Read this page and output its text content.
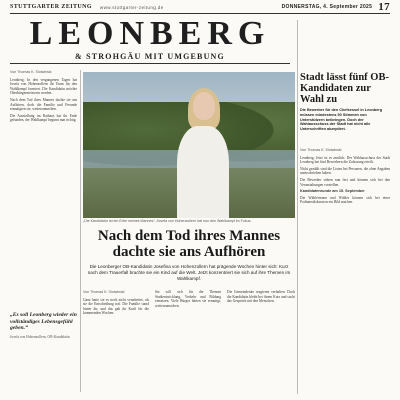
STUTTGARTER ZEITUNG www.stuttgarter-zeitung.de	DONNERSTAG, 4. September 2025 17
LEONBERG
& STROHGÄU MIT UMGEBUNG
Von Thomas K. Slotwinski

Leonberg. In den vergangenen Tagen hat Josefa von Hohenzollern ihr Team für den Wahlkampf formiert. Die Kandidatin möchte Oberbürgermeisterin werden.

Nach dem Tod ihres Mannes dachte sie ans Aufhören, doch die Familie und Freunde ermutigten sie, weiterzumachen.

Die Ausstellung im Rathaus hat ihr Ende gefunden, der Wahlkampf beginnt nun richtig.

„Es soll Leonberg wieder ein vollständiges Lebensgefühl geben.“
Josefa von Hohenzollern, OB-Kandidatin
„Die Kandidatur ist ein Erbe meines Mannes“: Josefa von Hohenzollern hat nun den Wahlkampf im Fokus.
Nach dem Tod ihres Mannes dachte sie ans Aufhören
Die Leonberger OB-Kandidatin Josefina von Hohenzollern hat prägende Wochen hinter sich: Kurz nach dem Trauerfall brachte sie ein Kind auf die Welt. Jetzt konzentriert sie sich auf ihre Themen im Wahlkampf.
Von Thomas K. Slotwinski

Ganz hatte sie es noch nicht verarbeitet, als sie die Entscheidung traf. Die Familie stand hinter ihr, und das gab ihr Kraft für die kommenden Wochen.

Sie will sich für die Themen Stadtentwicklung, Verkehr und Bildung einsetzen. Viele Bürger hätten sie ermutigt, weiterzumachen.

Die Gemeinderäte reagieren verhalten. Doch die Kandidatin bleibt bei ihrem Kurs und sucht das Gespräch mit den Menschen.

Stadt lässt fünf OB-Kandidaten zur Wahl zu
Die Bewerber für den Chefsessel in Leonberg müssen mindestens 50 Stimmen von Unterstützern beibringen. Doch der Wahlausschuss der Stadt hat nicht alle Unterschriften akzeptiert.
Von Thomas K. Slotwinski

Leonberg. Jetzt ist es amtlich: Der Wahlausschuss der Stadt Leonberg hat fünf Bewerbern die Zulassung erteilt.

Nicht gezählt sind die Listen bei Personen, die ohne Angaben unterschrieben haben.

Die Bewerber stehen nun fest und können sich bei den Veranstaltungen vorstellen.

Kandidatenrunde am 15. September

Die Wählerinnen und Wähler können sich bei einer Podiumsdiskussion ein Bild machen.
